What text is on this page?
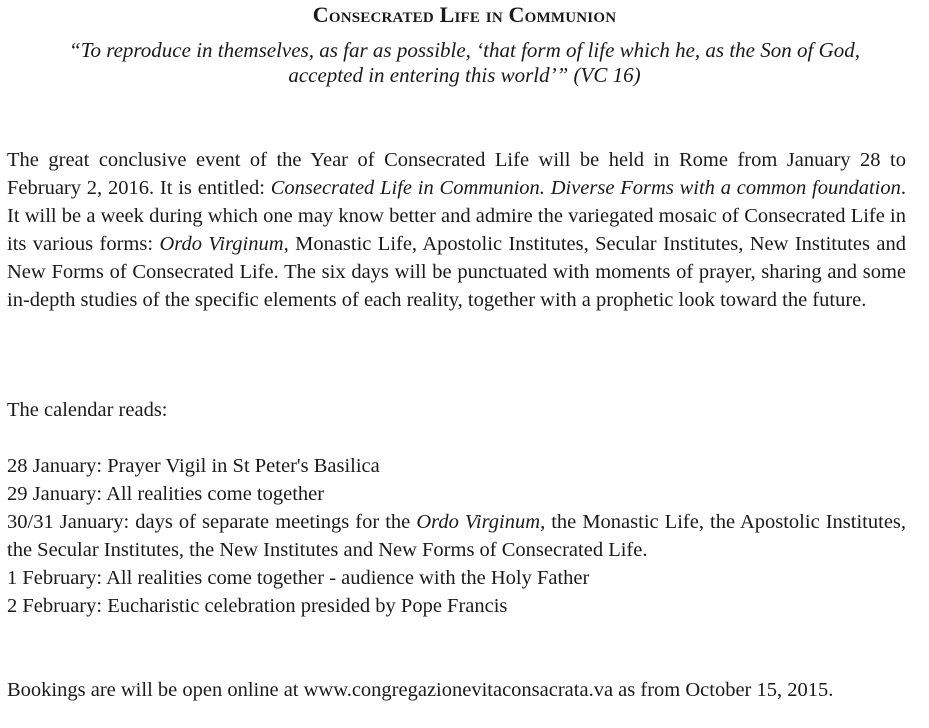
Consecrated Life in Communion
“To reproduce in themselves, as far as possible, ‘that form of life which he, as the Son of God,
accepted in entering this world’” (VC 16)

The great conclusive event of the Year of Consecrated Life will be held in Rome from January 28 to February 2, 2016. It is entitled: Consecrated Life in Communion. Diverse Forms with a common foundation. It will be a week during which one may know better and admire the variegated mosaic of Consecrated Life in its various forms: Ordo Virginum, Monastic Life, Apostolic Institutes, Secular Institutes, New Institutes and New Forms of Consecrated Life. The six days will be punctuated with moments of prayer, sharing and some in-depth studies of the specific elements of each reality, together with a prophetic look toward the future.

The calendar reads:

28 January: Prayer Vigil in St Peter's Basilica
29 January: All realities come together
30/31 January: days of separate meetings for the Ordo Virginum, the Monastic Life, the Apostolic Institutes, the Secular Institutes, the New Institutes and New Forms of Consecrated Life.
1 February: All realities come together - audience with the Holy Father
2 February: Eucharistic celebration presided by Pope Francis

Bookings are will be open online at www.congregazionevitaconsacrata.va as from October 15, 2015.
